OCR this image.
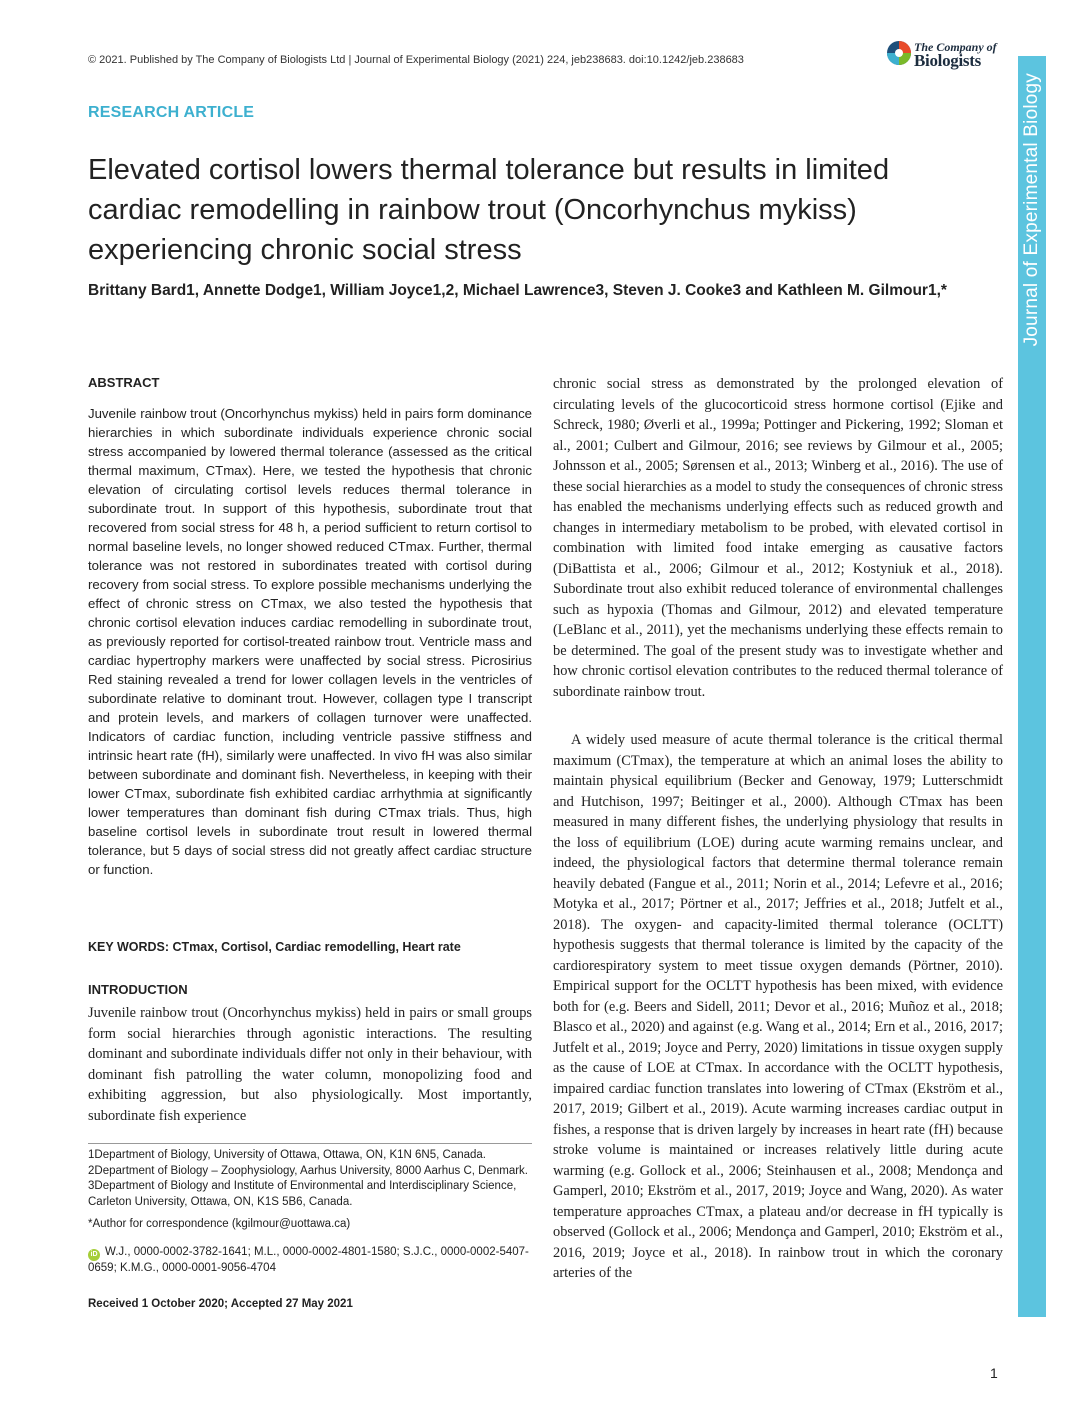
© 2021. Published by The Company of Biologists Ltd | Journal of Experimental Biology (2021) 224, jeb238683. doi:10.1242/jeb.238683
The Company of
Biologists
Journal of Experimental Biology
RESEARCH ARTICLE
Elevated cortisol lowers thermal tolerance but results in limited cardiac remodelling in rainbow trout (Oncorhynchus mykiss) experiencing chronic social stress
Brittany Bard1, Annette Dodge1, William Joyce1,2, Michael Lawrence3, Steven J. Cooke3 and Kathleen M. Gilmour1,*
ABSTRACT
Juvenile rainbow trout (Oncorhynchus mykiss) held in pairs form dominance hierarchies in which subordinate individuals experience chronic social stress accompanied by lowered thermal tolerance (assessed as the critical thermal maximum, CTmax). Here, we tested the hypothesis that chronic elevation of circulating cortisol levels reduces thermal tolerance in subordinate trout. In support of this hypothesis, subordinate trout that recovered from social stress for 48 h, a period sufficient to return cortisol to normal baseline levels, no longer showed reduced CTmax. Further, thermal tolerance was not restored in subordinates treated with cortisol during recovery from social stress. To explore possible mechanisms underlying the effect of chronic stress on CTmax, we also tested the hypothesis that chronic cortisol elevation induces cardiac remodelling in subordinate trout, as previously reported for cortisol-treated rainbow trout. Ventricle mass and cardiac hypertrophy markers were unaffected by social stress. Picrosirius Red staining revealed a trend for lower collagen levels in the ventricles of subordinate relative to dominant trout. However, collagen type I transcript and protein levels, and markers of collagen turnover were unaffected. Indicators of cardiac function, including ventricle passive stiffness and intrinsic heart rate (fH), similarly were unaffected. In vivo fH was also similar between subordinate and dominant fish. Nevertheless, in keeping with their lower CTmax, subordinate fish exhibited cardiac arrhythmia at significantly lower temperatures than dominant fish during CTmax trials. Thus, high baseline cortisol levels in subordinate trout result in lowered thermal tolerance, but 5 days of social stress did not greatly affect cardiac structure or function.
KEY WORDS: CTmax, Cortisol, Cardiac remodelling, Heart rate
INTRODUCTION
Juvenile rainbow trout (Oncorhynchus mykiss) held in pairs or small groups form social hierarchies through agonistic interactions. The resulting dominant and subordinate individuals differ not only in their behaviour, with dominant fish patrolling the water column, monopolizing food and exhibiting aggression, but also physiologically. Most importantly, subordinate fish experience
1Department of Biology, University of Ottawa, Ottawa, ON, K1N 6N5, Canada.
2Department of Biology – Zoophysiology, Aarhus University, 8000 Aarhus C, Denmark.
3Department of Biology and Institute of Environmental and Interdisciplinary Science, Carleton University, Ottawa, ON, K1S 5B6, Canada.
*Author for correspondence (kgilmour@uottawa.ca)
iD W.J., 0000-0002-3782-1641; M.L., 0000-0002-4801-1580; S.J.C., 0000-0002-5407-0659; K.M.G., 0000-0001-9056-4704
Received 1 October 2020; Accepted 27 May 2021
chronic social stress as demonstrated by the prolonged elevation of circulating levels of the glucocorticoid stress hormone cortisol (Ejike and Schreck, 1980; Øverli et al., 1999a; Pottinger and Pickering, 1992; Sloman et al., 2001; Culbert and Gilmour, 2016; see reviews by Gilmour et al., 2005; Johnsson et al., 2005; Sørensen et al., 2013; Winberg et al., 2016). The use of these social hierarchies as a model to study the consequences of chronic stress has enabled the mechanisms underlying effects such as reduced growth and changes in intermediary metabolism to be probed, with elevated cortisol in combination with limited food intake emerging as causative factors (DiBattista et al., 2006; Gilmour et al., 2012; Kostyniuk et al., 2018). Subordinate trout also exhibit reduced tolerance of environmental challenges such as hypoxia (Thomas and Gilmour, 2012) and elevated temperature (LeBlanc et al., 2011), yet the mechanisms underlying these effects remain to be determined. The goal of the present study was to investigate whether and how chronic cortisol elevation contributes to the reduced thermal tolerance of subordinate rainbow trout.
A widely used measure of acute thermal tolerance is the critical thermal maximum (CTmax), the temperature at which an animal loses the ability to maintain physical equilibrium (Becker and Genoway, 1979; Lutterschmidt and Hutchison, 1997; Beitinger et al., 2000). Although CTmax has been measured in many different fishes, the underlying physiology that results in the loss of equilibrium (LOE) during acute warming remains unclear, and indeed, the physiological factors that determine thermal tolerance remain heavily debated (Fangue et al., 2011; Norin et al., 2014; Lefevre et al., 2016; Motyka et al., 2017; Pörtner et al., 2017; Jeffries et al., 2018; Jutfelt et al., 2018). The oxygen- and capacity-limited thermal tolerance (OCLTT) hypothesis suggests that thermal tolerance is limited by the capacity of the cardiorespiratory system to meet tissue oxygen demands (Pörtner, 2010). Empirical support for the OCLTT hypothesis has been mixed, with evidence both for (e.g. Beers and Sidell, 2011; Devor et al., 2016; Muñoz et al., 2018; Blasco et al., 2020) and against (e.g. Wang et al., 2014; Ern et al., 2016, 2017; Jutfelt et al., 2019; Joyce and Perry, 2020) limitations in tissue oxygen supply as the cause of LOE at CTmax. In accordance with the OCLTT hypothesis, impaired cardiac function translates into lowering of CTmax (Ekström et al., 2017, 2019; Gilbert et al., 2019). Acute warming increases cardiac output in fishes, a response that is driven largely by increases in heart rate (fH) because stroke volume is maintained or increases relatively little during acute warming (e.g. Gollock et al., 2006; Steinhausen et al., 2008; Mendonça and Gamperl, 2010; Ekström et al., 2017, 2019; Joyce and Wang, 2020). As water temperature approaches CTmax, a plateau and/or decrease in fH typically is observed (Gollock et al., 2006; Mendonça and Gamperl, 2010; Ekström et al., 2016, 2019; Joyce et al., 2018). In rainbow trout in which the coronary arteries of the
1
